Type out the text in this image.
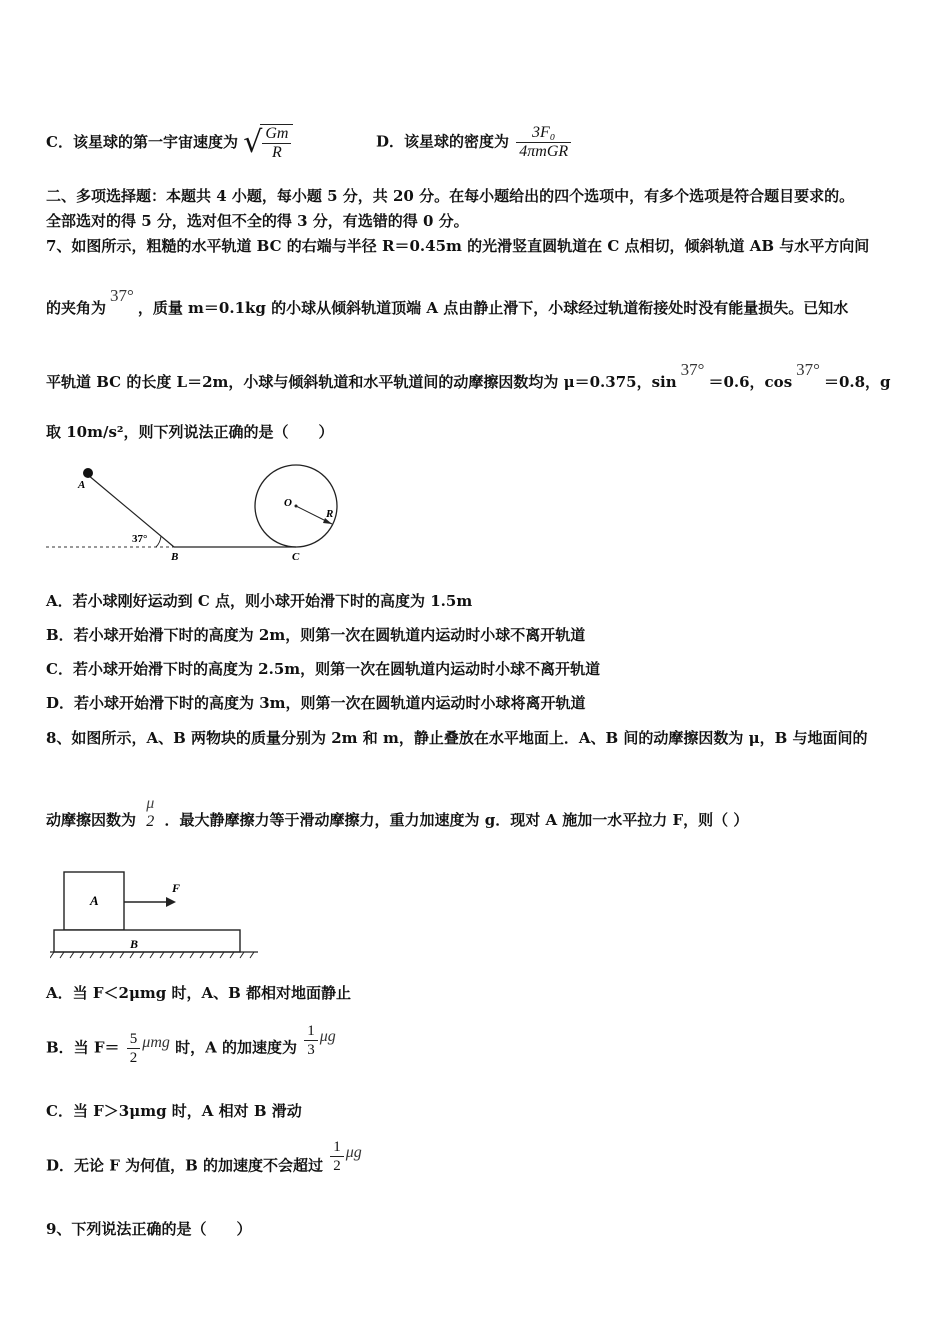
C．该星球的第一宇宙速度为 √ $\frac{Gm}{R}$	D．该星球的密度为 $\frac{\text{3F₀}}{\text{4πmGR}}$
二、多项选择题：本题共 4 小题，每小题 5 分，共 20 分。在每小题给出的四个选项中，有多个选项是符合题目要求的。
全部选对的得 5 分，选对但不全的得 3 分，有选错的得 0 分。
7、如图所示，粗糙的水平轨道 BC 的右端与半径 R＝0.45m 的光滑竖直圆轨道在 C 点相切，倾斜轨道 AB 与水平方向间
的夹角为37°，质量 m＝0.1kg 的小球从倾斜轨道顶端 A 点由静止滑下，小球经过轨道衔接处时没有能量损失。已知水
平轨道 BC 的长度 L＝2m，小球与倾斜轨道和水平轨道间的动摩擦因数均为 μ＝0.375，sin37°＝0.6，cos37°＝0.8，g
取 10m/s²，则下列说法正确的是（　　）
A
B	C
O
R
37°
A．若小球刚好运动到 C 点，则小球开始滑下时的高度为 1.5m
B．若小球开始滑下时的高度为 2m，则第一次在圆轨道内运动时小球不离开轨道
C．若小球开始滑下时的高度为 2.5m，则第一次在圆轨道内运动时小球不离开轨道
D．若小球开始滑下时的高度为 3m，则第一次在圆轨道内运动时小球将离开轨道
8、如图所示，A、B 两物块的质量分别为 2m 和 m，静止叠放在水平地面上．A、B 间的动摩擦因数为 μ，B 与地面间的
动摩擦因数为
μ
2 ．最大静摩擦力等于滑动摩擦力，重力加速度为 g．现对 A 施加一水平拉力 F，则（ ）
A
B
F
A．当 F＜2μmg 时，A、B 都相对地面静止
B．当 $F= \frac{5}{2}$ μmg 时，A 的加速度为 $\frac{1}{3}$ μg
C．当 F＞3μmg 时，A 相对 B 滑动
D．无论 F 为何值，B 的加速度不会超过 $\frac{1}{2}$ μg
9、下列说法正确的是（　　）
